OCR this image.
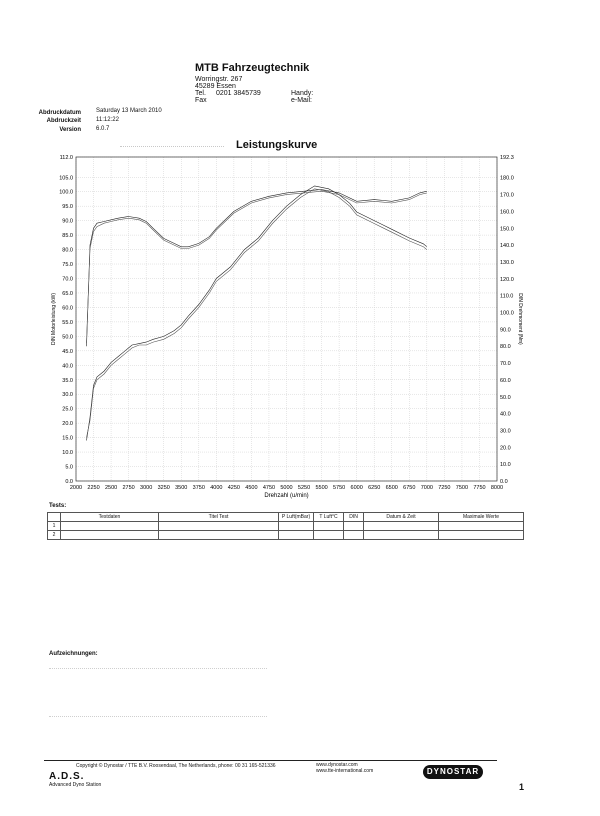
MTB Fahrzeugtechnik
Worringstr. 267
45289 Essen
Tel. 0201 3845739
Fax
Handy:
e-Mail:
Abdruckdatum	Saturday 13 March 2010
Abdruckzeit	11:12:22
Version	6.0.7
Leistungskurve
2000 2250 2500 2750 3000 3250 3500 3750 4000 4250 4500 4750 5000 5250 5500 5750 6000 6250 6500 6750 7000 7250 7500 7750 8000
0.0
5.0
10.0
15.0
20.0
25.0
30.0
35.0
40.0
45.0
50.0
55.0
60.0
65.0
70.0
75.0
80.0
85.0
90.0
95.0
100.0
105.0
112.0
0.0
10.0
20.0
30.0
40.0
50.0
60.0
70.0
80.0
90.0
100.0
110.0
120.0
130.0
140.0
150.0
160.0
170.0
180.0
192.3
Drehzahl (u/min)
DIN Motorleistung (kW)	DIN Drehmoment (Nm)
Tests:
	Testdaten	Titel Test	P Luft(mBar)	T Luft°C	DIN	Datum & Zeit	Maximale Werte
1							
2							
Aufzeichnungen:
Copyright © Dynostar / TTE B.V. Roosendaal, The Netherlands, phone: 00 31 165-521336	www.dynostar.com
www.tte-international.com
A.D.S.
Advanced Dyno Station
DYNOSTAR
1
